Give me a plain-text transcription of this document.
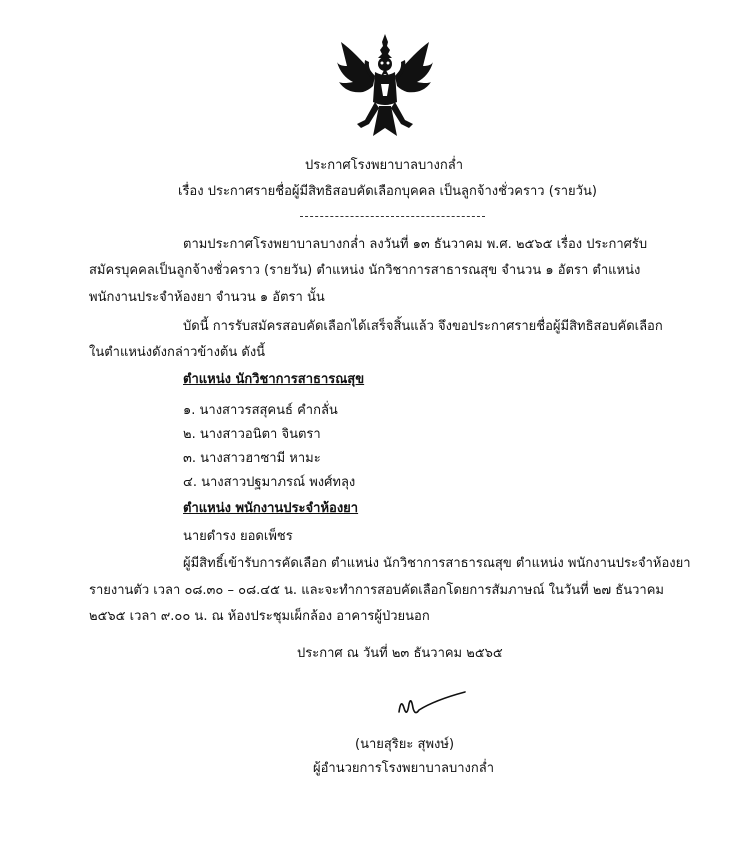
ประกาศโรงพยาบาลบางกล่ำ
เรื่อง ประกาศรายชื่อผู้มีสิทธิสอบคัดเลือกบุคคล เป็นลูกจ้างชั่วคราว (รายวัน)
ตามประกาศโรงพยาบาลบางกล่ำ ลงวันที่ ๑๓ ธันวาคม พ.ศ. ๒๕๖๕ เรื่อง ประกาศรับ
สมัครบุคคลเป็นลูกจ้างชั่วคราว (รายวัน) ตำแหน่ง นักวิชาการสาธารณสุข จำนวน ๑ อัตรา ตำแหน่ง
พนักงานประจำห้องยา จำนวน ๑ อัตรา นั้น
บัดนี้ การรับสมัครสอบคัดเลือกได้เสร็จสิ้นแล้ว จึงขอประกาศรายชื่อผู้มีสิทธิสอบคัดเลือก
ในตำแหน่งดังกล่าวข้างต้น ดังนี้
ตำแหน่ง นักวิชาการสาธารณสุข
๑. นางสาวรสสุคนธ์ คำกลั่น
๒. นางสาวอนิตา จินตรา
๓. นางสาวฮาซามี หามะ
๔. นางสาวปฐมาภรณ์ พงศ์ทลุง
ตำแหน่ง พนักงานประจำห้องยา
นายดำรง ยอดเพ็ชร
ผู้มีสิทธิ์เข้ารับการคัดเลือก ตำแหน่ง นักวิชาการสาธารณสุข ตำแหน่ง พนักงานประจำห้องยา
รายงานตัว เวลา ๐๘.๓๐ – ๐๘.๔๕ น. และจะทำการสอบคัดเลือกโดยการสัมภาษณ์ ในวันที่ ๒๗ ธันวาคม
๒๕๖๕ เวลา ๙.๐๐ น. ณ ห้องประชุมเผ็กล้อง อาคารผู้ป่วยนอก
ประกาศ ณ วันที่ ๒๓ ธันวาคม ๒๕๖๕
(นายสุริยะ สุพงษ์)
ผู้อำนวยการโรงพยาบาลบางกล่ำ
